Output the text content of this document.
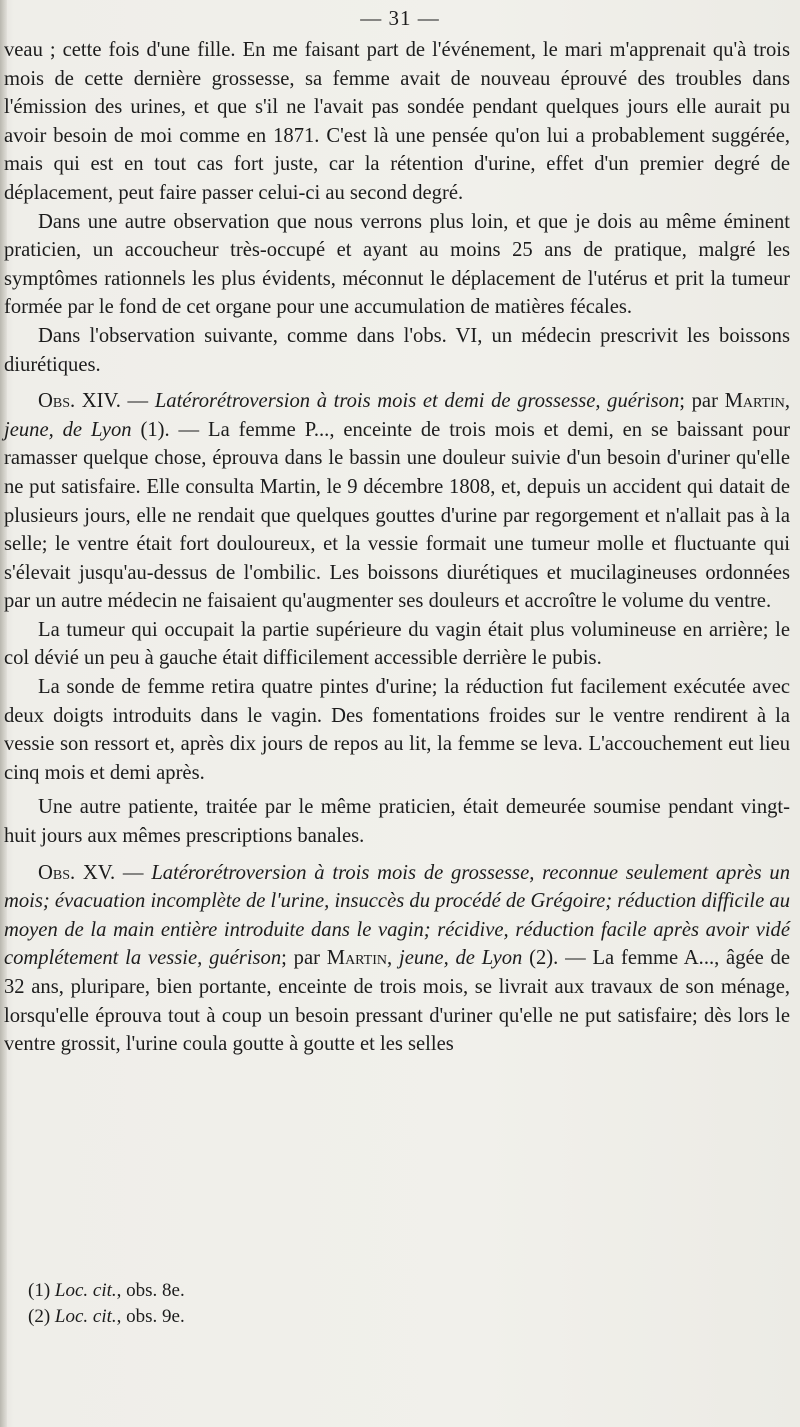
— 31 —

veau ; cette fois d'une fille. En me faisant part de l'événement, le mari m'apprenait qu'à trois mois de cette dernière grossesse, sa femme avait de nouveau éprouvé des troubles dans l'émission des urines, et que s'il ne l'avait pas sondée pendant quelques jours elle aurait pu avoir besoin de moi comme en 1871. C'est là une pensée qu'on lui a probablement suggérée, mais qui est en tout cas fort juste, car la rétention d'urine, effet d'un premier degré de déplacement, peut faire passer celui-ci au second degré.

Dans une autre observation que nous verrons plus loin, et que je dois au même éminent praticien, un accoucheur très-occupé et ayant au moins 25 ans de pratique, malgré les symptômes rationnels les plus évidents, méconnut le déplacement de l'utérus et prit la tumeur formée par le fond de cet organe pour une accumulation de matières fécales.

Dans l'observation suivante, comme dans l'obs. VI, un médecin prescrivit les boissons diurétiques.

Obs. XIV. — Latérorétroversion à trois mois et demi de grossesse, guérison; par Martin, jeune, de Lyon (1). — La femme P..., enceinte de trois mois et demi, en se baissant pour ramasser quelque chose, éprouva dans le bassin une douleur suivie d'un besoin d'uriner qu'elle ne put satisfaire. Elle consulta Martin, le 9 décembre 1808, et, depuis un accident qui datait de plusieurs jours, elle ne rendait que quelques gouttes d'urine par regorgement et n'allait pas à la selle; le ventre était fort douloureux, et la vessie formait une tumeur molle et fluctuante qui s'élevait jusqu'au-dessus de l'ombilic. Les boissons diurétiques et mucilagineuses ordonnées par un autre médecin ne faisaient qu'augmenter ses douleurs et accroître le volume du ventre.

La tumeur qui occupait la partie supérieure du vagin était plus volumineuse en arrière; le col dévié un peu à gauche était difficilement accessible derrière le pubis.

La sonde de femme retira quatre pintes d'urine; la réduction fut facilement exécutée avec deux doigts introduits dans le vagin. Des fomentations froides sur le ventre rendirent à la vessie son ressort et, après dix jours de repos au lit, la femme se leva. L'accouchement eut lieu cinq mois et demi après.

Une autre patiente, traitée par le même praticien, était demeurée soumise pendant vingt-huit jours aux mêmes prescriptions banales.

Obs. XV. — Latérorétroversion à trois mois de grossesse, reconnue seulement après un mois; évacuation incomplète de l'urine, insuccès du procédé de Grégoire; réduction difficile au moyen de la main entière introduite dans le vagin; récidive, réduction facile après avoir vidé complétement la vessie, guérison; par Martin, jeune, de Lyon (2). — La femme A..., âgée de 32 ans, pluripare, bien portante, enceinte de trois mois, se livrait aux travaux de son ménage, lorsqu'elle éprouva tout à coup un besoin pressant d'uriner qu'elle ne put satisfaire; dès lors le ventre grossit, l'urine coula goutte à goutte et les selles

(1) Loc. cit., obs. 8e.
(2) Loc. cit., obs. 9e.
